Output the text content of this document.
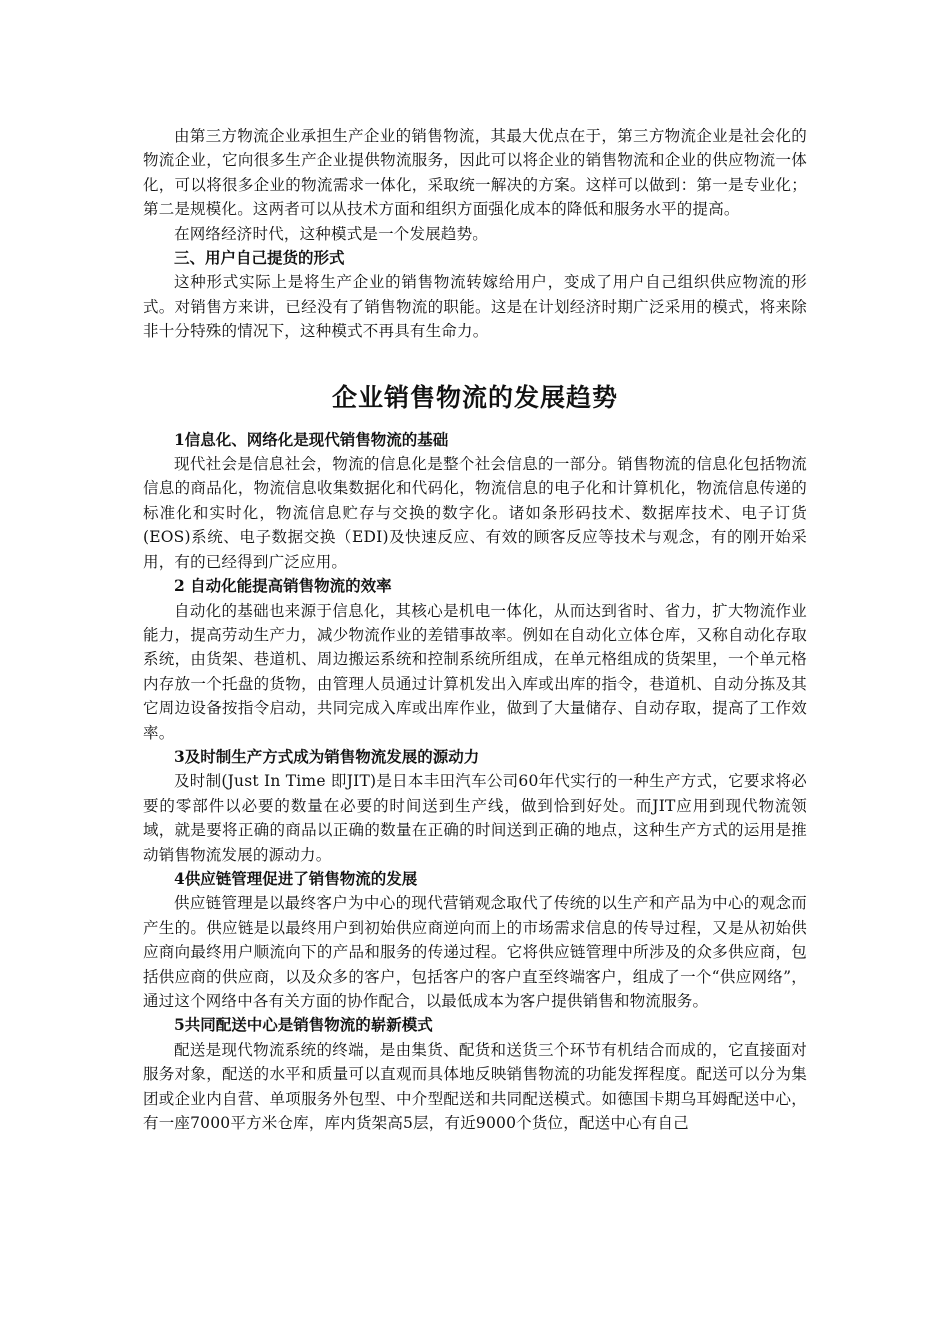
由第三方物流企业承担生产企业的销售物流，其最大优点在于，第三方物流企业是社会化的物流企业，它向很多生产企业提供物流服务，因此可以将企业的销售物流和企业的供应物流一体化，可以将很多企业的物流需求一体化，采取统一解决的方案。这样可以做到：第一是专业化；第二是规模化。这两者可以从技术方面和组织方面强化成本的降低和服务水平的提高。

在网络经济时代，这种模式是一个发展趋势。

三、用户自己提货的形式

这种形式实际上是将生产企业的销售物流转嫁给用户，变成了用户自己组织供应物流的形式。对销售方来讲，已经没有了销售物流的职能。这是在计划经济时期广泛采用的模式，将来除非十分特殊的情况下，这种模式不再具有生命力。

企业销售物流的发展趋势
1信息化、网络化是现代销售物流的基础

现代社会是信息社会，物流的信息化是整个社会信息的一部分。销售物流的信息化包括物流信息的商品化，物流信息收集数据化和代码化，物流信息的电子化和计算机化，物流信息传递的标准化和实时化，物流信息贮存与交换的数字化。诸如条形码技术、数据库技术、电子订货(EOS)系统、电子数据交换（EDI)及快速反应、有效的顾客反应等技术与观念，有的刚开始采用，有的已经得到广泛应用。

2 自动化能提高销售物流的效率

自动化的基础也来源于信息化，其核心是机电一体化，从而达到省时、省力，扩大物流作业能力，提高劳动生产力，减少物流作业的差错事故率。例如在自动化立体仓库，又称自动化存取系统，由货架、巷道机、周边搬运系统和控制系统所组成，在单元格组成的货架里，一个单元格内存放一个托盘的货物，由管理人员通过计算机发出入库或出库的指令，巷道机、自动分拣及其它周边设备按指令启动，共同完成入库或出库作业，做到了大量储存、自动存取，提高了工作效率。

3及时制生产方式成为销售物流发展的源动力

及时制(Just In Time 即JIT)是日本丰田汽车公司60年代实行的一种生产方式，它要求将必要的零部件以必要的数量在必要的时间送到生产线，做到恰到好处。而JIT应用到现代物流领域，就是要将正确的商品以正确的数量在正确的时间送到正确的地点，这种生产方式的运用是推动销售物流发展的源动力。

4供应链管理促进了销售物流的发展

供应链管理是以最终客户为中心的现代营销观念取代了传统的以生产和产品为中心的观念而产生的。供应链是以最终用户到初始供应商逆向而上的市场需求信息的传导过程，又是从初始供应商向最终用户顺流向下的产品和服务的传递过程。它将供应链管理中所涉及的众多供应商，包括供应商的供应商，以及众多的客户，包括客户的客户直至终端客户，组成了一个“供应网络”，通过这个网络中各有关方面的协作配合，以最低成本为客户提供销售和物流服务。

5共同配送中心是销售物流的崭新模式

配送是现代物流系统的终端，是由集货、配货和送货三个环节有机结合而成的，它直接面对服务对象，配送的水平和质量可以直观而具体地反映销售物流的功能发挥程度。配送可以分为集团或企业内自营、单项服务外包型、中介型配送和共同配送模式。如德国卡期乌耳姆配送中心，有一座7000平方米仓库，库内货架高5层，有近9000个货位，配送中心有自己
